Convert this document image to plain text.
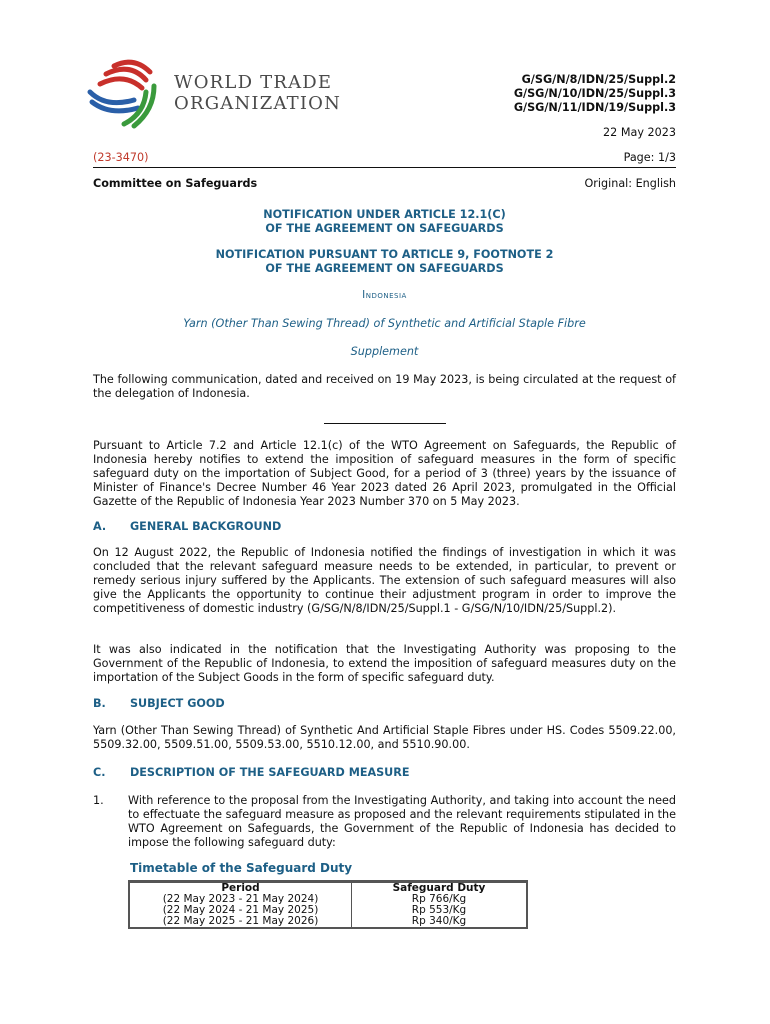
WORLD TRADE
ORGANIZATION
G/SG/N/8/IDN/25/Suppl.2
G/SG/N/10/IDN/25/Suppl.3
G/SG/N/11/IDN/19/Suppl.3
22 May 2023
(23-3470)	Page: 1/3
Committee on Safeguards	Original: English
NOTIFICATION UNDER ARTICLE 12.1(C)
OF THE AGREEMENT ON SAFEGUARDS
NOTIFICATION PURSUANT TO ARTICLE 9, FOOTNOTE 2
OF THE AGREEMENT ON SAFEGUARDS
Indonesia
Yarn (Other Than Sewing Thread) of Synthetic and Artificial Staple Fibre
Supplement
The following communication, dated and received on 19 May 2023, is being circulated at the request of the delegation of Indonesia.
Pursuant to Article 7.2 and Article 12.1(c) of the WTO Agreement on Safeguards, the Republic of Indonesia hereby notifies to extend the imposition of safeguard measures in the form of specific safeguard duty on the importation of Subject Good, for a period of 3 (three) years by the issuance of Minister of Finance's Decree Number 46 Year 2023 dated 26 April 2023, promulgated in the Official Gazette of the Republic of Indonesia Year 2023 Number 370 on 5 May 2023.
A. GENERAL BACKGROUND
On 12 August 2022, the Republic of Indonesia notified the findings of investigation in which it was concluded that the relevant safeguard measure needs to be extended, in particular, to prevent or remedy serious injury suffered by the Applicants. The extension of such safeguard measures will also give the Applicants the opportunity to continue their adjustment program in order to improve the competitiveness of domestic industry (G/SG/N/8/IDN/25/Suppl.1 - G/SG/N/10/IDN/25/Suppl.2).
It was also indicated in the notification that the Investigating Authority was proposing to the Government of the Republic of Indonesia, to extend the imposition of safeguard measures duty on the importation of the Subject Goods in the form of specific safeguard duty.
B. SUBJECT GOOD
Yarn (Other Than Sewing Thread) of Synthetic And Artificial Staple Fibres under HS. Codes 5509.22.00, 5509.32.00, 5509.51.00, 5509.53.00, 5510.12.00, and 5510.90.00.
C. DESCRIPTION OF THE SAFEGUARD MEASURE
1. With reference to the proposal from the Investigating Authority, and taking into account the need to effectuate the safeguard measure as proposed and the relevant requirements stipulated in the WTO Agreement on Safeguards, the Government of the Republic of Indonesia has decided to impose the following safeguard duty:
Timetable of the Safeguard Duty
Period	Safeguard Duty
(22 May 2023 - 21 May 2024)	Rp 766/Kg
(22 May 2024 - 21 May 2025)	Rp 553/Kg
(22 May 2025 - 21 May 2026)	Rp 340/Kg
